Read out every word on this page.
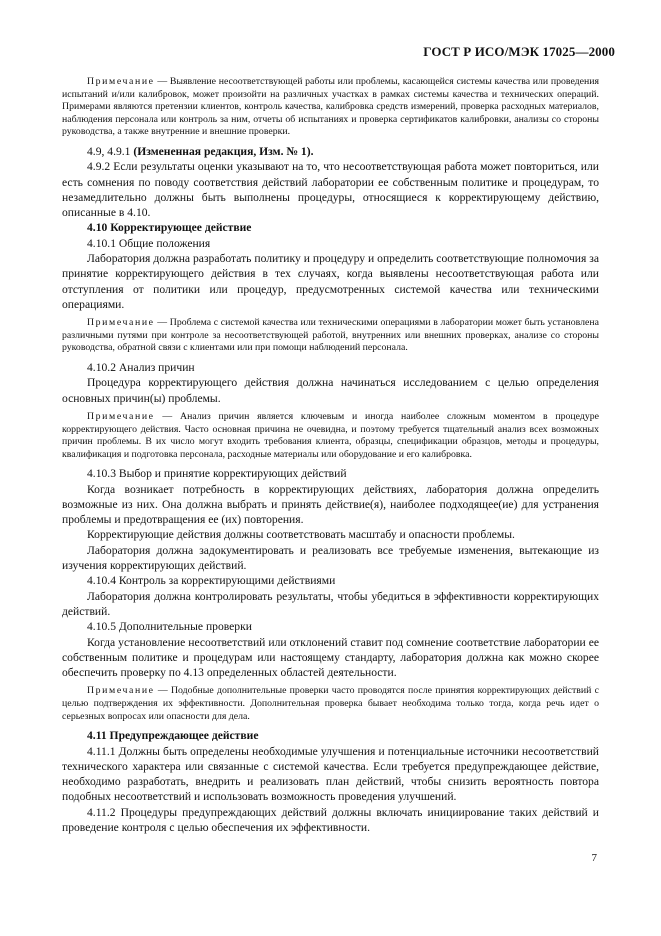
ГОСТ Р ИСО/МЭК 17025—2000

Примечание — Выявление несоответствующей работы или проблемы, касающейся системы качества или проведения испытаний и/или калибровок, может произойти на различных участках в рамках системы качества и технических операций. Примерами являются претензии клиентов, контроль качества, калибровка средств измерений, проверка расходных материалов, наблюдения персонала или контроль за ним, отчеты об испытаниях и проверка сертификатов калибровки, анализы со стороны руководства, а также внутренние и внешние проверки.

4.9, 4.9.1 (Измененная редакция, Изм. № 1).

4.9.2 Если результаты оценки указывают на то, что несоответствующая работа может повториться, или есть сомнения по поводу соответствия действий лаборатории ее собственным политике и процедурам, то незамедлительно должны быть выполнены процедуры, относящиеся к корректирующему действию, описанные в 4.10.

4.10 Корректирующее действие

4.10.1 Общие положения

Лаборатория должна разработать политику и процедуру и определить соответствующие полномочия за принятие корректирующего действия в тех случаях, когда выявлены несоответствующая работа или отступления от политики или процедур, предусмотренных системой качества или техническими операциями.

Примечание — Проблема с системой качества или техническими операциями в лаборатории может быть установлена различными путями при контроле за несоответствующей работой, внутренних или внешних проверках, анализе со стороны руководства, обратной связи с клиентами или при помощи наблюдений персонала.

4.10.2 Анализ причин

Процедура корректирующего действия должна начинаться исследованием с целью определения основных причин(ы) проблемы.

Примечание — Анализ причин является ключевым и иногда наиболее сложным моментом в процедуре корректирующего действия. Часто основная причина не очевидна, и поэтому требуется тщательный анализ всех возможных причин проблемы. В их число могут входить требования клиента, образцы, спецификации образцов, методы и процедуры, квалификация и подготовка персонала, расходные материалы или оборудование и его калибровка.

4.10.3 Выбор и принятие корректирующих действий

Когда возникает потребность в корректирующих действиях, лаборатория должна определить возможные из них. Она должна выбрать и принять действие(я), наиболее подходящее(ие) для устранения проблемы и предотвращения ее (их) повторения.

Корректирующие действия должны соответствовать масштабу и опасности проблемы.

Лаборатория должна задокументировать и реализовать все требуемые изменения, вытекающие из изучения корректирующих действий.

4.10.4 Контроль за корректирующими действиями

Лаборатория должна контролировать результаты, чтобы убедиться в эффективности корректирующих действий.

4.10.5 Дополнительные проверки

Когда установление несоответствий или отклонений ставит под сомнение соответствие лаборатории ее собственным политике и процедурам или настоящему стандарту, лаборатория должна как можно скорее обеспечить проверку по 4.13 определенных областей деятельности.

Примечание — Подобные дополнительные проверки часто проводятся после принятия корректирующих действий с целью подтверждения их эффективности. Дополнительная проверка бывает необходима только тогда, когда речь идет о серьезных вопросах или опасности для дела.

4.11 Предупреждающее действие

4.11.1 Должны быть определены необходимые улучшения и потенциальные источники несоответствий технического характера или связанные с системой качества. Если требуется предупреждающее действие, необходимо разработать, внедрить и реализовать план действий, чтобы снизить вероятность повтора подобных несоответствий и использовать возможность проведения улучшений.

4.11.2 Процедуры предупреждающих действий должны включать инициирование таких действий и проведение контроля с целью обеспечения их эффективности.

7
